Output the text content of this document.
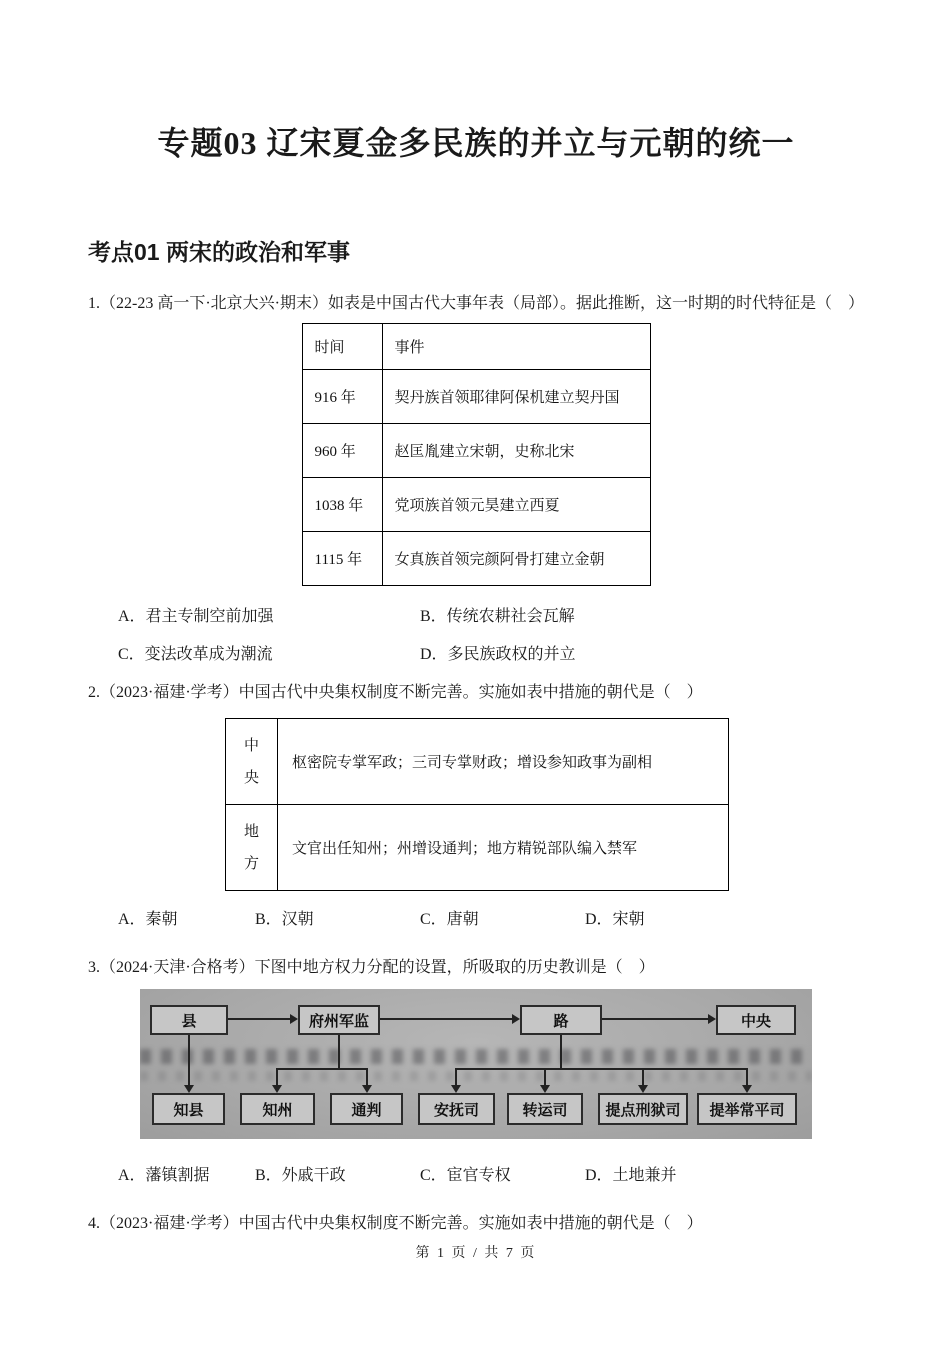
专题03 辽宋夏金多民族的并立与元朝的统一
考点01 两宋的政治和军事

1.（22-23 高一下·北京大兴·期末）如表是中国古代大事年表（局部）。据此推断，这一时期的时代特征是（　）

时间	事件
916 年	契丹族首领耶律阿保机建立契丹国
960 年	赵匡胤建立宋朝，史称北宋
1038 年	党项族首领元昊建立西夏
1115 年	女真族首领完颜阿骨打建立金朝
A．君主专制空前加强	B．传统农耕社会瓦解
C．变法改革成为潮流	D．多民族政权的并立

2.（2023·福建·学考）中国古代中央集权制度不断完善。实施如表中措施的朝代是（　）

中央	枢密院专掌军政；三司专掌财政；增设参知政事为副相

地方	文官出任知州；州增设通判；地方精锐部队编入禁军
A．秦朝	B．汉朝	C．唐朝	D．宋朝

3.（2024·天津·合格考）下图中地方权力分配的设置，所吸取的历史教训是（　）

县	府州军监	路	中央
知县	知州	通判	安抚司	转运司	提点刑狱司	提举常平司
A．藩镇割据	B．外戚干政	C．宦官专权	D．土地兼并

4.（2023·福建·学考）中国古代中央集权制度不断完善。实施如表中措施的朝代是（　）

第 1 页 / 共 7 页
